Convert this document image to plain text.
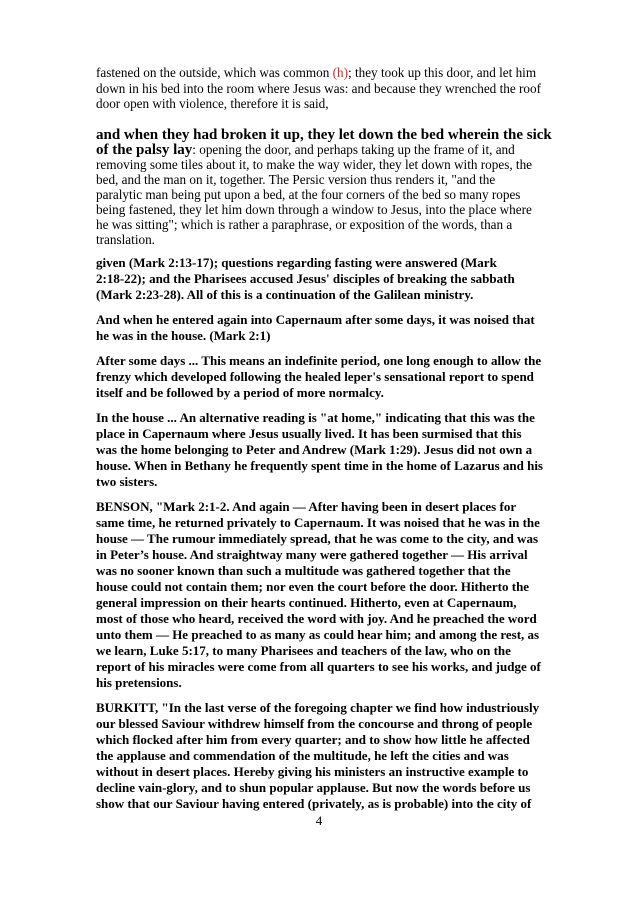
fastened on the outside, which was common (h); they took up this door, and let him
down in his bed into the room where Jesus was: and because they wrenched the roof
door open with violence, therefore it is said,
and when they had broken it up, they let down the bed wherein the sick
of the palsy lay: opening the door, and perhaps taking up the frame of it, and
removing some tiles about it, to make the way wider, they let down with ropes, the
bed, and the man on it, together. The Persic version thus renders it, "and the
paralytic man being put upon a bed, at the four corners of the bed so many ropes
being fastened, they let him down through a window to Jesus, into the place where
he was sitting"; which is rather a paraphrase, or exposition of the words, than a
translation.
given (Mark 2:13-17); questions regarding fasting were answered (Mark
2:18-22); and the Pharisees accused Jesus' disciples of breaking the sabbath
(Mark 2:23-28). All of this is a continuation of the Galilean ministry.
And when he entered again into Capernaum after some days, it was noised that
he was in the house. (Mark 2:1)
After some days ... This means an indefinite period, one long enough to allow the
frenzy which developed following the healed leper's sensational report to spend
itself and be followed by a period of more normalcy.
In the house ... An alternative reading is "at home," indicating that this was the
place in Capernaum where Jesus usually lived. It has been surmised that this
was the home belonging to Peter and Andrew (Mark 1:29). Jesus did not own a
house. When in Bethany he frequently spent time in the home of Lazarus and his
two sisters.
BENSON, "Mark 2:1-2. And again — After having been in desert places for
same time, he returned privately to Capernaum. It was noised that he was in the
house — The rumour immediately spread, that he was come to the city, and was
in Peter’s house. And straightway many were gathered together — His arrival
was no sooner known than such a multitude was gathered together that the
house could not contain them; nor even the court before the door. Hitherto the
general impression on their hearts continued. Hitherto, even at Capernaum,
most of those who heard, received the word with joy. And he preached the word
unto them — He preached to as many as could hear him; and among the rest, as
we learn, Luke 5:17, to many Pharisees and teachers of the law, who on the
report of his miracles were come from all quarters to see his works, and judge of
his pretensions.
BURKITT, "In the last verse of the foregoing chapter we find how industriously
our blessed Saviour withdrew himself from the concourse and throng of people
which flocked after him from every quarter; and to show how little he affected
the applause and commendation of the multitude, he left the cities and was
without in desert places. Hereby giving his ministers an instructive example to
decline vain-glory, and to shun popular applause. But now the words before us
show that our Saviour having entered (privately, as is probable) into the city of
4
